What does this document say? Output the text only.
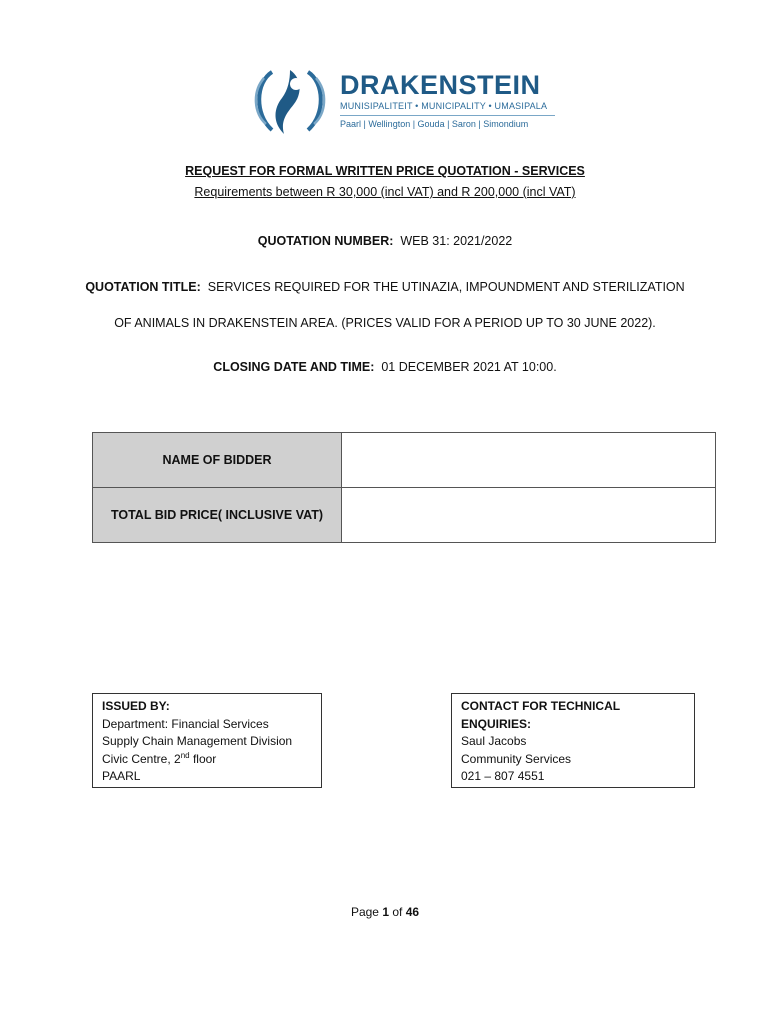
DRAKENSTEIN
MUNISIPALITEIT • MUNICIPALITY • UMASIPALA
Paarl | Wellington | Gouda | Saron | Simondium
REQUEST FOR FORMAL WRITTEN PRICE QUOTATION - SERVICES
Requirements between R 30,000 (incl VAT) and R 200,000 (incl VAT)
QUOTATION NUMBER: WEB 31: 2021/2022
QUOTATION TITLE: SERVICES REQUIRED FOR THE UTINAZIA, IMPOUNDMENT AND STERILIZATION
OF ANIMALS IN DRAKENSTEIN AREA. (PRICES VALID FOR A PERIOD UP TO 30 JUNE 2022).
CLOSING DATE AND TIME: 01 DECEMBER 2021 AT 10:00.
NAME OF BIDDER	
TOTAL BID PRICE( INCLUSIVE VAT)	
ISSUED BY:
Department: Financial Services
Supply Chain Management Division
Civic Centre, 2nd floor
PAARL
CONTACT FOR TECHNICAL ENQUIRIES:
Saul Jacobs
Community Services
021 – 807 4551
Page 1 of 46
